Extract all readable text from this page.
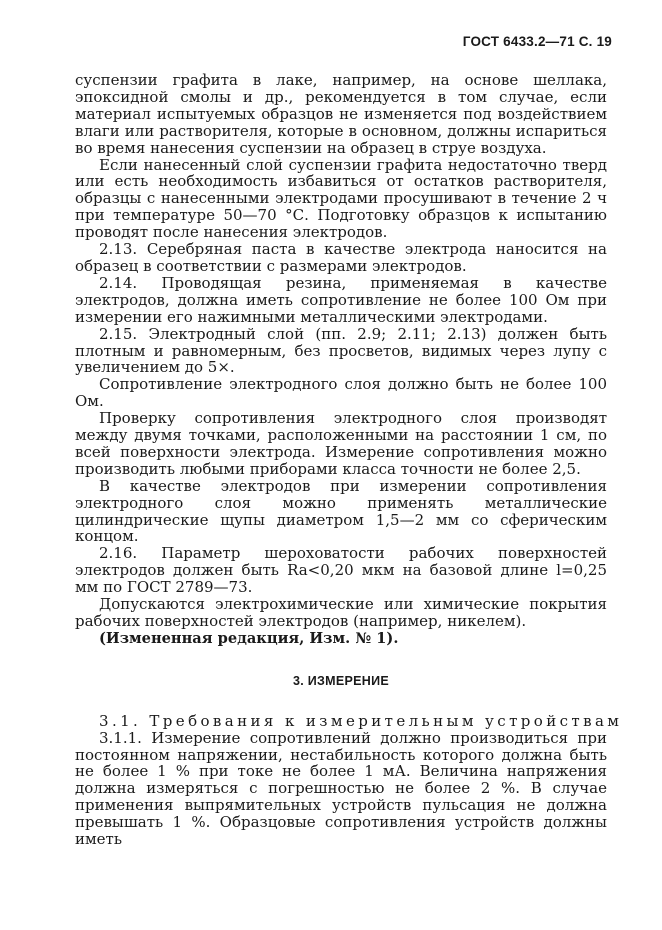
ГОСТ 6433.2—71 С. 19

суспензии графита в лаке, например, на основе шеллака, эпоксидной смолы и др., рекомендуется в том случае, если материал испытуемых образцов не изменяется под воздействием влаги или растворителя, которые в основном, должны испариться во время нанесения суспензии на образец в струе воздуха.

Если нанесенный слой суспензии графита недостаточно тверд или есть необходимость избавиться от остатков растворителя, образцы с нанесенными электродами просушивают в течение 2 ч при температуре 50—70 °С. Подготовку образцов к испытанию проводят после нанесения электродов.

2.13. Серебряная паста в качестве электрода наносится на образец в соответствии с размерами электродов.

2.14. Проводящая резина, применяемая в качестве электродов, должна иметь сопротивление не более 100 Ом при измерении его нажимными металлическими электродами.

2.15. Электродный слой (пп. 2.9; 2.11; 2.13) должен быть плотным и равномерным, без просветов, видимых через лупу с увеличением до 5×.

Сопротивление электродного слоя должно быть не более 100 Ом.

Проверку сопротивления электродного слоя производят между двумя точками, расположенными на расстоянии 1 см, по всей поверхности электрода. Измерение сопротивления можно производить любыми приборами класса точности не более 2,5.

В качестве электродов при измерении сопротивления электродного слоя можно применять металлические цилиндрические щупы диаметром 1,5—2 мм со сферическим концом.

2.16. Параметр шероховатости рабочих поверхностей электродов должен быть Ra<0,20 мкм на базовой длине l=0,25 мм по ГОСТ 2789—73.

Допускаются электрохимические или химические покрытия рабочих поверхностей электродов (например, никелем).

(Измененная редакция, Изм. № 1).

3. ИЗМЕРЕНИЕ

3.1. Требования к измерительным устройствам

3.1.1. Измерение сопротивлений должно производиться при постоянном напряжении, нестабильность которого должна быть не более 1 % при токе не более 1 мА. Величина напряжения должна измеряться с погрешностью не более 2 %. В случае применения выпрямительных устройств пульсация не должна превышать 1 %. Образцовые сопротивления устройств должны иметь
